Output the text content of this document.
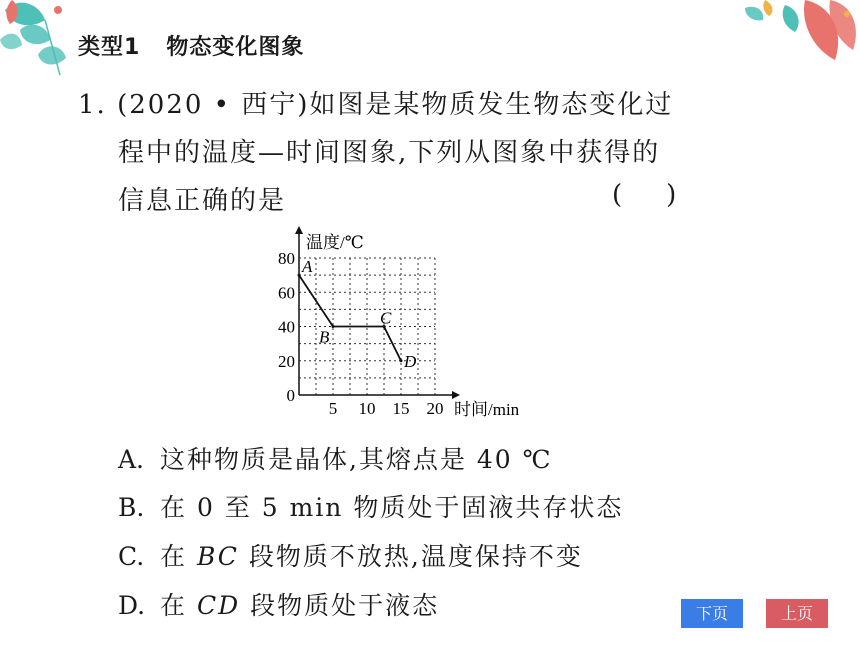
类型1 物态变化图象
1. (2020 • 西宁)如图是某物质发生物态变化过
程中的温度—时间图象,下列从图象中获得的
信息正确的是	( )
5 10 15 20
20
40
60
80
0
温度/℃
时间/min
A
B
C
D
A. 这种物质是晶体,其熔点是 40 ℃
B. 在 0 至 5 min 物质处于固液共存状态
C. 在 BC 段物质不放热,温度保持不变
D. 在 CD 段物质处于液态	下页	上页
